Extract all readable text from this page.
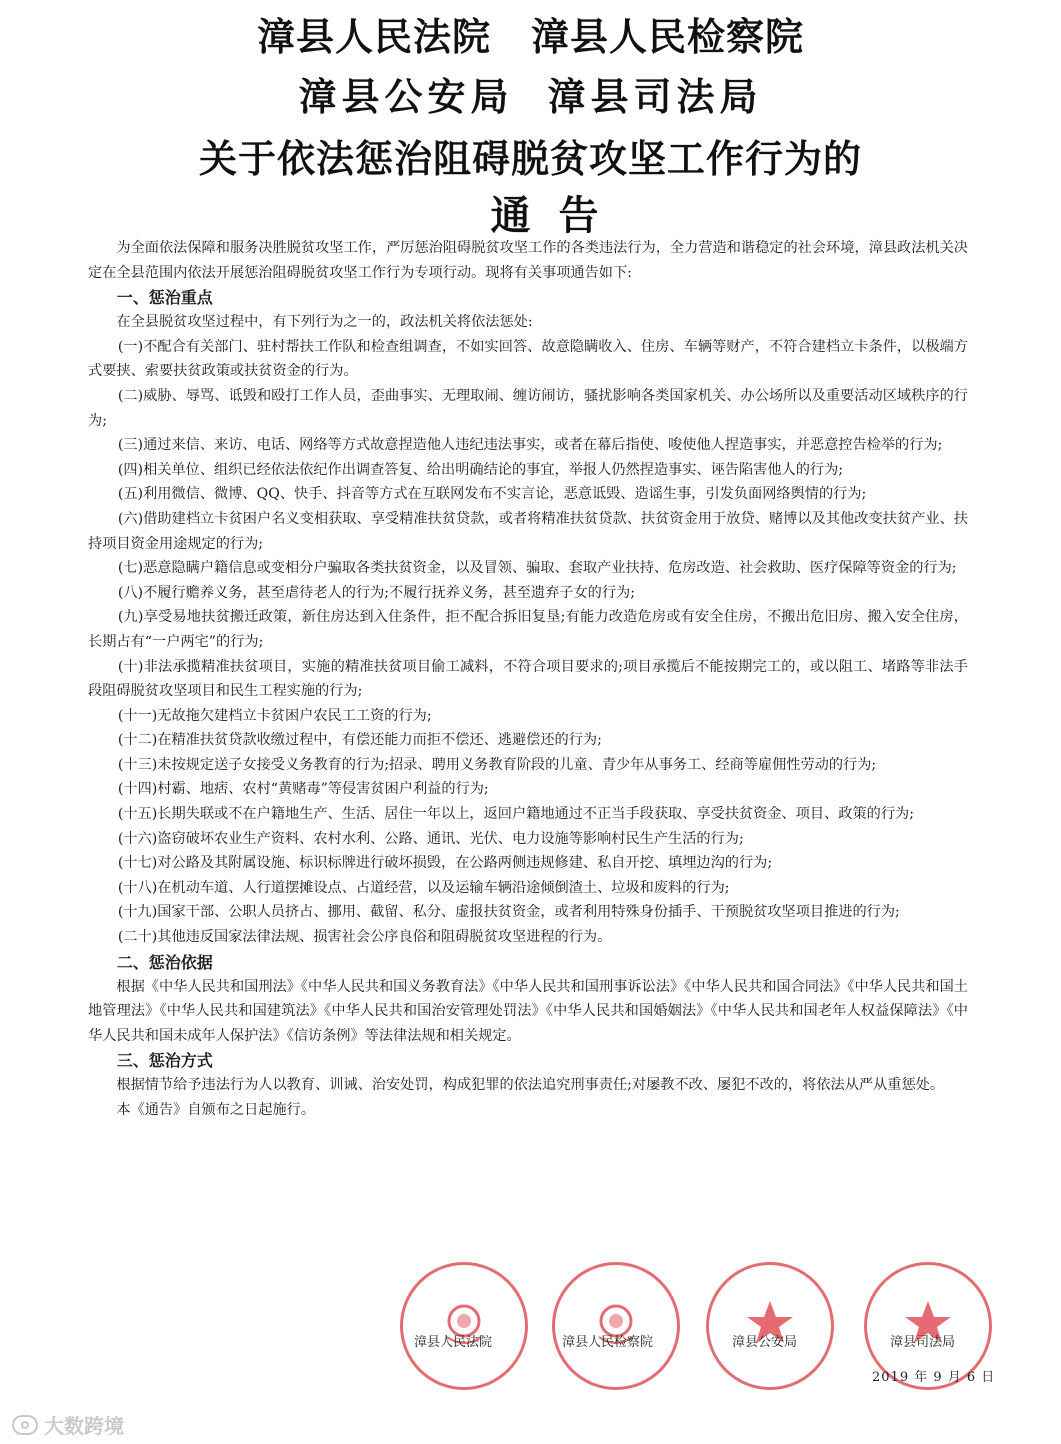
漳县人民法院 漳县人民检察院
漳县公安局 漳县司法局
关于依法惩治阻碍脱贫攻坚工作行为的
通告

为全面依法保障和服务决胜脱贫攻坚工作，严厉惩治阻碍脱贫攻坚工作的各类违法行为，全力营造和谐稳定的社会环境，漳县政法机关决定在全县范围内依法开展惩治阻碍脱贫攻坚工作行为专项行动。现将有关事项通告如下:

一、惩治重点

在全县脱贫攻坚过程中，有下列行为之一的，政法机关将依法惩处:

(一)不配合有关部门、驻村帮扶工作队和检查组调查，不如实回答、故意隐瞒收入、住房、车辆等财产，不符合建档立卡条件，以极端方式要挟、索要扶贫政策或扶贫资金的行为。

(二)威胁、辱骂、诋毁和殴打工作人员，歪曲事实、无理取闹、缠访闹访，骚扰影响各类国家机关、办公场所以及重要活动区域秩序的行为;

(三)通过来信、来访、电话、网络等方式故意捏造他人违纪违法事实，或者在幕后指使、唆使他人捏造事实，并恶意控告检举的行为;

(四)相关单位、组织已经依法依纪作出调查答复、给出明确结论的事宜，举报人仍然捏造事实、诬告陷害他人的行为;

(五)利用微信、微博、QQ、快手、抖音等方式在互联网发布不实言论，恶意诋毁、造谣生事，引发负面网络舆情的行为;

(六)借助建档立卡贫困户名义变相获取、享受精准扶贫贷款，或者将精准扶贫贷款、扶贫资金用于放贷、赌博以及其他改变扶贫产业、扶持项目资金用途规定的行为;

(七)恶意隐瞒户籍信息或变相分户骗取各类扶贫资金，以及冒领、骗取、套取产业扶持、危房改造、社会救助、医疗保障等资金的行为;

(八)不履行赡养义务，甚至虐待老人的行为;不履行抚养义务，甚至遗弃子女的行为;

(九)享受易地扶贫搬迁政策，新住房达到入住条件，拒不配合拆旧复垦;有能力改造危房或有安全住房，不搬出危旧房、搬入安全住房，长期占有“一户两宅”的行为;

(十)非法承揽精准扶贫项目，实施的精准扶贫项目偷工减料，不符合项目要求的;项目承揽后不能按期完工的，或以阻工、堵路等非法手段阻碍脱贫攻坚项目和民生工程实施的行为;

(十一)无故拖欠建档立卡贫困户农民工工资的行为;

(十二)在精准扶贫贷款收缴过程中，有偿还能力而拒不偿还、逃避偿还的行为;

(十三)未按规定送子女接受义务教育的行为;招录、聘用义务教育阶段的儿童、青少年从事务工、经商等雇佣性劳动的行为;

(十四)村霸、地痞、农村“黄赌毒”等侵害贫困户利益的行为;

(十五)长期失联或不在户籍地生产、生活、居住一年以上，返回户籍地通过不正当手段获取、享受扶贫资金、项目、政策的行为;

(十六)盗窃破坏农业生产资料、农村水利、公路、通讯、光伏、电力设施等影响村民生产生活的行为;

(十七)对公路及其附属设施、标识标牌进行破坏损毁，在公路两侧违规修建、私自开挖、填埋边沟的行为;

(十八)在机动车道、人行道摆摊设点、占道经营，以及运输车辆沿途倾倒渣土、垃圾和废料的行为;

(十九)国家干部、公职人员挤占、挪用、截留、私分、虚报扶贫资金，或者利用特殊身份插手、干预脱贫攻坚项目推进的行为;

(二十)其他违反国家法律法规、损害社会公序良俗和阻碍脱贫攻坚进程的行为。

二、惩治依据

根据《中华人民共和国刑法》《中华人民共和国义务教育法》《中华人民共和国刑事诉讼法》《中华人民共和国合同法》《中华人民共和国土地管理法》《中华人民共和国建筑法》《中华人民共和国治安管理处罚法》《中华人民共和国婚姻法》《中华人民共和国老年人权益保障法》《中华人民共和国未成年人保护法》《信访条例》等法律法规和相关规定。

三、惩治方式

根据情节给予违法行为人以教育、训诫、治安处罚，构成犯罪的依法追究刑事责任;对屡教不改、屡犯不改的，将依法从严从重惩处。

本《通告》自颁布之日起施行。

漳县人民法院	漳县人民检察院	漳县公安局	漳县司法局
2019 年 9 月 6 日
大数跨境
